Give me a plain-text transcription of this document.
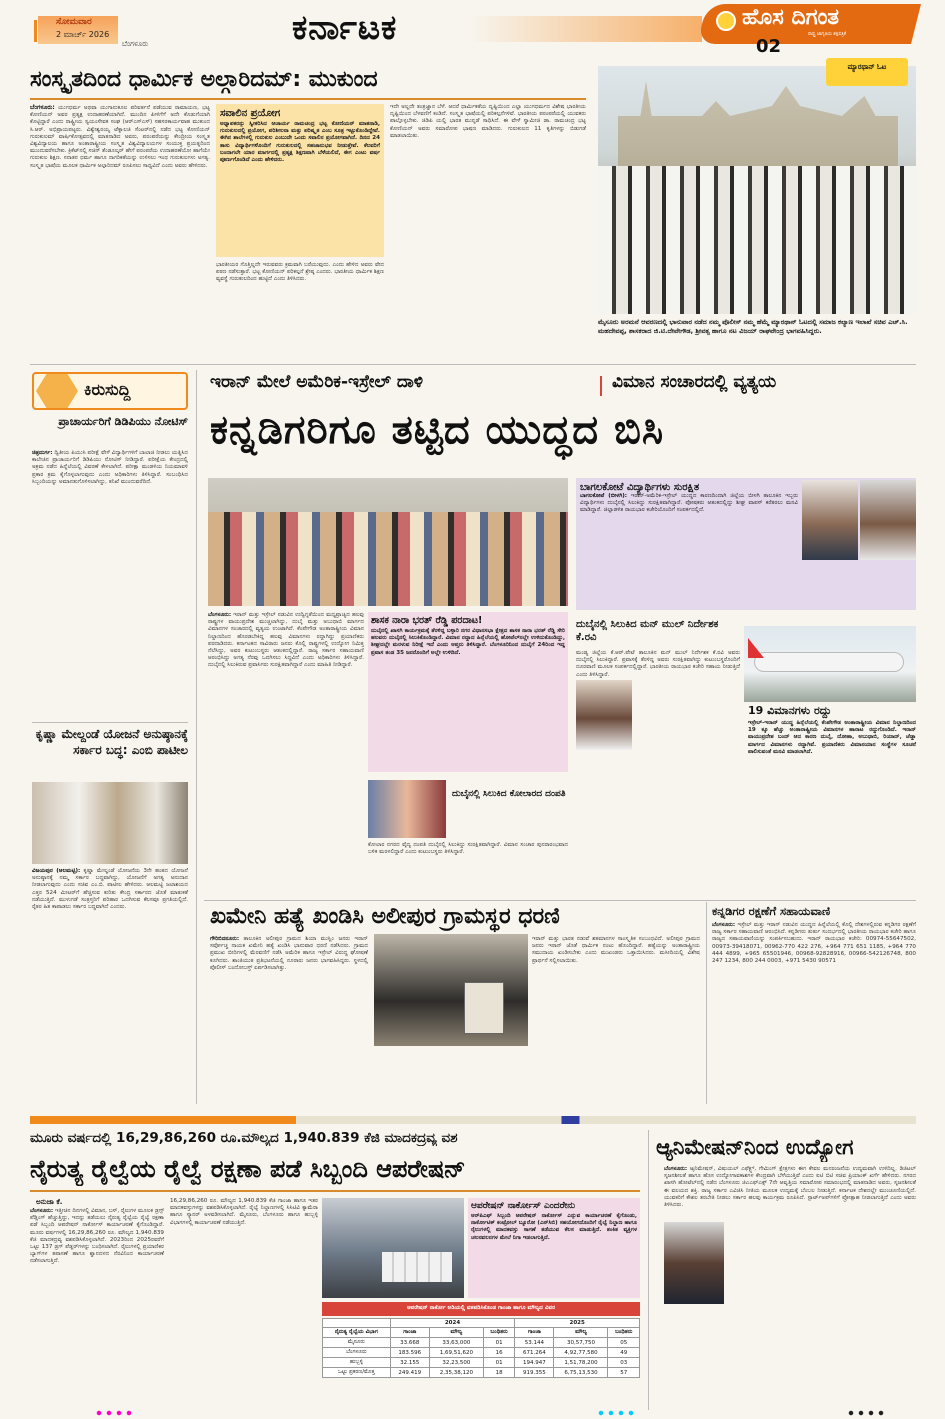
ಸೋಮವಾರ
2 ಮಾರ್ಚ್ 2026
ಬೆಂಗಳೂರು	ಕರ್ನಾಟಕ	ಹೊಸ ದಿಗಂತ
ರಾಷ್ಟ್ರ ಜಾಗೃತಿಯ ಶಕ್ತಿಪತ್ರಿಕೆ
02
ಸಂಸ್ಕೃತದಿಂದ ಧಾರ್ಮಿಕ ಅಲ್ಗಾರಿದಮ್: ಮುಕುಂದ
ಬೆಂಗಳೂರು: ಯುಗಧರ್ಮ ಅಥವಾ ಯುಗಾನುಕೂಲ ಪರಿವರ್ತನೆ ಪಡೆಯುವ ರಾಮಾಯಣ, ಭಟ್ಟ ಕೋಣಿಯನ್ ಅವರ ಪ್ರತ್ಯಕ್ಷ ಉದಾಹರಣೆಯಾಗಿದೆ. ಮುಂದಿನ ಪೀಳಿಗೆಗೆ ಅದೇ ಕೊಡುಗೆಯಾಗಿ ಕೊಟ್ಟಿದ್ದಾರೆ ಎಂದು ರಾಷ್ಟ್ರೀಯ ಸ್ವಯಂಸೇವಕ ಸಂಘ (ಆರ್‌ಎಸ್‌ಎಸ್) ಸಹಸರಕಾರ್ಯವಾಹ ಮುಕುಂದ ಸಿ.ಆರ್. ಅಭಿಪ್ರಾಯಪಟ್ಟರು. ವಿಶ್ವೇಶ್ವರಯ್ಯ ಟೆಕ್ನಾಲಜಿ ಸೆಂಟರ್‌ನಲ್ಲಿ ನಡೆದ ಭಟ್ಟ ಕೋಣಿಯನ್ ಗುರುಕುಲಮ್ ವಾರ್ಷಿಕೋತ್ಸವದಲ್ಲಿ ಮಾತನಾಡಿದ ಅವರು, ಪರಂಪರೆಯನ್ನು ಕೇಂದ್ರೀಯ ಸಂಸ್ಕೃತ ವಿಶ್ವವಿದ್ಯಾಲಯ ಹಾಗೂ ಅಂತಾರಾಷ್ಟ್ರೀಯ ಸಂಸ್ಕೃತ ವಿಶ್ವವಿದ್ಯಾಲಯಗಳ ಸಂಯುಕ್ತ ಪ್ರಯತ್ನದಿಂದ ಮುಂದುವರೆಸಬೇಕು. ಕ್ರಿಕೆಟ್‌ನಲ್ಲಿ ಸಚಿನ್ ತೆಂಡೂಲ್ಕರ್ ಹೇಗೆ ಪರಂಪರೆಯ ಉದಾಹರಣೆಯೋ ಹಾಗೆಯೇ ಗುರುಕುಲ ಶಿಕ್ಷಣ. ಸನಾತನ ಧರ್ಮ ಹಾಗೂ ನಾಗರಿಕತೆಯನ್ನು ಉಳಿಸಲು ಇಂಥ ಗುರುಕುಲಗಳು ಅಗತ್ಯ. ಸಂಸ್ಕೃತ ಭಾಷೆಯ ಮೂಲಕ ಧಾರ್ಮಿಕ ಅಲ್ಗಾರಿದಮ್ ರೂಪಿಸಲು ಸಾಧ್ಯವಿದೆ ಎಂದು ಅವರು ಹೇಳಿದರು.
ಸವಾಲಿನ ಪ್ರಯೋಗ
ಅಧ್ಯಾಪಕರನ್ನು ಸ್ವೀಕರಿಸಿದ ಆಚಾರ್ಯ ರಾಮಚಂದ್ರ ಭಟ್ಟ ಕೋಣಿಯನ್ ಮಾತನಾಡಿ, ಗುರುಕುಲದಲ್ಲಿ ಪ್ರಯೋಗ, ಪರಿಶೀಲನಾ ಮತ್ತು ಪರಿಷ್ಕೃತ ಎಂಬ ಸೂತ್ರ ಇಟ್ಟುಕೊಂಡಿದ್ದೇವೆ. ಈಗಿನ ಶಾಲೆಗಳಲ್ಲಿ ಗುರುಕುಲ ಎಂಬುದೇ ಒಂದು ಸವಾಲಿನ ಪ್ರಯೋಗವಾಗಿದೆ. ದಿನದ 24 ತಾಸು ವಿದ್ಯಾರ್ಥಿಗಳೊಂದಿಗೆ ಗುರುಕುಲದಲ್ಲಿ ಸಹಜಾನುಭವ ನೀಡುತ್ತೇವೆ. ಕೆಲವರಿಗೆ ಬಂದಾಗಲೇ ಯಾರ ಮಾರ್ಗದಲ್ಲಿ ಪ್ರತ್ಯಕ್ಷ ಶಿಕ್ಷಣವಾಗಿ ಬೆಳೆಯಲಿದೆ, ಈಗ ಎಂಟು ವರ್ಷ ಪೂರ್ಣಗೊಂಡಿದೆ ಎಂದು ಹೇಳಿದರು.
ಭಾರತೀಯರ ಗೊತ್ತಿಲ್ಲದೇ ಇರುವವರು ಕ್ರಮವಾಗಿ ಬರೆಯುವುದು. ಎಂದು ಹೇಳಿದ ಅವರು ವೇದ ಪಠಣ ನಡೆಸುತ್ತಾರೆ. ಭಟ್ಟ ಕೋಣಿಯನ್ ಪರಿಕಲ್ಪನೆ ಶ್ರೇಷ್ಠ ಎಂದರು. ಭಾರತೀಯ ಧಾರ್ಮಿಕ ಶಿಕ್ಷಣ ವ್ಯವಸ್ಥೆ ಗುರುಕುಲದಿಂದ ಹುಟ್ಟಿದೆ ಎಂದು ತಿಳಿಸಿದರು.
ಇದೇ ಅಲ್ಲದೇ ತಂತ್ರಜ್ಞಾನ ಬೆಳೆ. ಆದರೆ ಧಾರ್ಮಿಕತೆಯ ದೃಷ್ಟಿಯಿಂದ ಎಲ್ಲಾ ಯುಗಧರ್ಮದ ವಿಶೇಷ ಭಾರತೀಯ ದೃಷ್ಟಿಯಿಂದ ಬೆಳವಣಿಗೆ ಕಂಡಿದೆ. ಸಂಸ್ಕೃತ ಭಾಷೆಯಲ್ಲಿ ಪರಿಕಲ್ಪನೆಗಳಿವೆ. ಭಾರತೀಯ ಪರಂಪರೆಯಲ್ಲಿ ಯುವಕರು ಪಾಲ್ಗೊಳ್ಳಬೇಕು. ಜಿಡಿಪಿ ಯಲ್ಲಿ ಭಾರತ ಮುನ್ನಡೆ ಸಾಧಿಸಿದೆ. ಈ ವೇಳೆ ಸ್ವಾಮೀಜಿ ಡಾ. ರಾಮಚಂದ್ರ ಭಟ್ಟ ಕೋಣಿಯನ್ ಅವರು ಸಮಾರೋಪ ಭಾಷಣ ಮಾಡಿದರು. ಗುರುಕುಲದ 11 ಕೃತಿಗಳನ್ನು ಬಿಡುಗಡೆ ಮಾಡಲಾಯಿತು.
ಮ್ಯಾರಥಾನ್ ಓಟ
ಮೈಸೂರು ಅರಮನೆ ಆವರಣದಲ್ಲಿ ಭಾನುವಾರ ನಡೆದ ನಮ್ಮ ಪೊಲೀಸ್ ನಮ್ಮ ಹೆಮ್ಮೆ ಮ್ಯಾರಥಾನ್ ಓಟದಲ್ಲಿ ಸಮಾಜ ಕಲ್ಯಾಣ ಇಲಾಖೆ ಸಚಿವ ಎಚ್.ಸಿ. ಮಹದೇವಪ್ಪ, ಶಾಸಕರಾದ ಜಿ.ಟಿ.ದೇವೇಗೌಡ, ಶ್ರೀವತ್ಸ ಹಾಗೂ ನಟ ವಿಜಯ್ ರಾಘವೇಂದ್ರ ಭಾಗವಹಿಸಿದ್ದರು.
ಕಿರುಸುದ್ದಿ
ಪ್ರಾಚಾರ್ಯರಿಗೆ ಡಿಡಿಪಿಯು ನೋಟಿಸ್
ಚಿತ್ರದುರ್ಗ: ದ್ವಿತೀಯ ಪಿಯುಸಿ ಪರೀಕ್ಷೆ ವೇಳೆ ವಿದ್ಯಾರ್ಥಿಗಳಿಗೆ ಬಾಲಾಜಿ ನೀಡಲು ಯತ್ನಿಸಿದ ಕಾಲೇಜಿನ ಪ್ರಾಚಾರ್ಯರಿಗೆ ಡಿಡಿಪಿಯು ನೋಟಿಸ್ ನೀಡಿದ್ದಾರೆ. ಪರೀಕ್ಷೆಯ ಕೇಂದ್ರದಲ್ಲಿ ಅಕ್ರಮ ನಡೆದ ಹಿನ್ನೆಲೆಯಲ್ಲಿ ವಿವರಣೆ ಕೇಳಲಾಗಿದೆ. ಪರೀಕ್ಷಾ ಮಂಡಳಿಯ ನಿಯಮಾವಳಿ ಪ್ರಕಾರ ಕ್ರಮ ಕೈಗೊಳ್ಳಲಾಗುವುದು ಎಂದು ಅಧಿಕಾರಿಗಳು ತಿಳಿಸಿದ್ದಾರೆ. ಸಂಬಂಧಿಸಿದ ಸಿಬ್ಬಂದಿಯನ್ನು ಅಮಾನತುಗೊಳಿಸಲಾಗಿದ್ದು, ತನಿಖೆ ಮುಂದುವರೆದಿದೆ.
ಕೃಷ್ಣಾ ಮೇಲ್ದಂಡೆ ಯೋಜನೆ ಅನುಷ್ಠಾನಕ್ಕೆ ಸರ್ಕಾರ ಬದ್ಧ: ಎಂಬಿ ಪಾಟೀಲ
ವಿಜಯಪುರ (ಆಲಮಟ್ಟಿ): ಕೃಷ್ಣಾ ಮೇಲ್ದಂಡೆ ಯೋಜನೆಯ 3ನೇ ಹಂತದ ಯೋಜನೆ ಅನುಷ್ಠಾನಕ್ಕೆ ನಮ್ಮ ಸರ್ಕಾರ ಬದ್ಧವಾಗಿದ್ದು, ಯೋಜನೆಗೆ ಅಗತ್ಯ ಅನುದಾನ ನೀಡಲಾಗುವುದು ಎಂದು ಸಚಿವ ಎಂ.ಬಿ. ಪಾಟೀಲ ಹೇಳಿದರು. ಆಲಮಟ್ಟಿ ಜಲಾಶಯದ ಎತ್ತರ 524 ಮೀಟರ್‌ಗೆ ಹೆಚ್ಚಿಸುವ ಕುರಿತು ಕೇಂದ್ರ ಸರ್ಕಾರದ ಜೊತೆ ಮಾತುಕತೆ ನಡೆಯುತ್ತಿದೆ. ಮುಳುಗಡೆ ಸಂತ್ರಸ್ತರಿಗೆ ಪರಿಹಾರ ಒದಗಿಸುವ ಕೆಲಸವೂ ಪ್ರಗತಿಯಲ್ಲಿದೆ. ರೈತರ ಹಿತ ಕಾಪಾಡಲು ಸರ್ಕಾರ ಬದ್ಧವಾಗಿದೆ ಎಂದರು.
ಇರಾನ್ ಮೇಲೆ ಅಮೆರಿಕ-ಇಸ್ರೇಲ್ ದಾಳಿ	ವಿಮಾನ ಸಂಚಾರದಲ್ಲಿ ವ್ಯತ್ಯಯ
ಕನ್ನಡಿಗರಿಗೂ ತಟ್ಟಿದ ಯುದ್ಧದ ಬಿಸಿ
ಬಾಗಲಕೋಟೆ ವಿದ್ಯಾರ್ಥಿಗಳು ಸುರಕ್ಷಿತ
ಬಾಗಲಕೋಟೆ (ಬೀಳಗಿ): ಇರಾನ್-ಅಮೆರಿಕ-ಇಸ್ರೇಲ್ ಯುದ್ಧದ ಕಾರಣದಿಂದಾಗಿ ಜಿಲ್ಲೆಯ ಬೀಳಗಿ ತಾಲೂಕಿನ ಇಬ್ಬರು ವಿದ್ಯಾರ್ಥಿಗಳು ದುಬೈನಲ್ಲಿ ಸಿಲುಕಿದ್ದು ಸುರಕ್ಷಿತವಾಗಿದ್ದಾರೆ. ಪೋಷಕರು ಆತಂಕದಲ್ಲಿದ್ದು ಶೀಘ್ರ ವಾಪಸ್ ಕರೆತರಲು ಮನವಿ ಮಾಡಿದ್ದಾರೆ. ಜಿಲ್ಲಾಡಳಿತ ರಾಯಭಾರ ಕಚೇರಿಯೊಂದಿಗೆ ಸಂಪರ್ಕದಲ್ಲಿದೆ.
ಬೆಂಗಳೂರು: ಇರಾನ್ ಮತ್ತು ಇಸ್ರೇಲ್ ನಡುವಿನ ಉದ್ವಿಗ್ನತೆಯಿಂದ ಮಧ್ಯಪ್ರಾಚ್ಯದ ಹಲವು ರಾಷ್ಟ್ರಗಳ ವಾಯುಪ್ರದೇಶ ಮುಚ್ಚಲಾಗಿದ್ದು, ದುಬೈ ಮತ್ತು ಅಬುಧಾಬಿ ಮಾರ್ಗದ ವಿಮಾನಗಳ ಸಂಚಾರದಲ್ಲಿ ವ್ಯತ್ಯಯ ಉಂಟಾಗಿದೆ. ಕೆಂಪೇಗೌಡ ಅಂತಾರಾಷ್ಟ್ರೀಯ ವಿಮಾನ ನಿಲ್ದಾಣದಿಂದ ಹೊರಡಬೇಕಿದ್ದ ಹಲವು ವಿಮಾನಗಳು ರದ್ದಾಗಿದ್ದು ಪ್ರಯಾಣಿಕರು ಪರದಾಡಿದರು. ಕರ್ನಾಟಕದ ಸಾವಿರಾರು ಜನರು ಕೊಲ್ಲಿ ರಾಷ್ಟ್ರಗಳಲ್ಲಿ ಉದ್ಯೋಗ ನಿಮಿತ್ತ ನೆಲೆಸಿದ್ದು, ಅವರ ಕುಟುಂಬಸ್ಥರು ಆತಂಕದಲ್ಲಿದ್ದಾರೆ. ರಾಜ್ಯ ಸರ್ಕಾರ ಸಹಾಯವಾಣಿ ಆರಂಭಿಸಿದ್ದು ಅಗತ್ಯ ನೆರವು ಒದಗಿಸಲು ಸಿದ್ಧವಿದೆ ಎಂದು ಅಧಿಕಾರಿಗಳು ತಿಳಿಸಿದ್ದಾರೆ. ದುಬೈನಲ್ಲಿ ಸಿಲುಕಿರುವ ಪ್ರವಾಸಿಗರು ಸುರಕ್ಷಿತವಾಗಿದ್ದಾರೆ ಎಂದು ಮಾಹಿತಿ ನೀಡಿದ್ದಾರೆ.
ಶಾಸಕ ನಾರಾ ಭರತ್ ರೆಡ್ಡಿ ಪರದಾಟ!
ದುಬೈನಲ್ಲಿ ಖಾಸಗಿ ಕಾರ್ಯಕ್ರಮಕ್ಕೆ ತೆರಳಿದ್ದ ಬಳ್ಳಾರಿ ನಗರ ವಿಧಾನಸಭಾ ಕ್ಷೇತ್ರದ ಶಾಸಕ ನಾರಾ ಭರತ್ ರೆಡ್ಡಿ ಸೇರಿ ಹಲವರು ದುಬೈನಲ್ಲಿ ಸಿಲುಕಿಕೊಂಡಿದ್ದಾರೆ. ವಿಮಾನ ರದ್ದಾದ ಹಿನ್ನೆಲೆಯಲ್ಲಿ ಹೋಟೆಲ್‌ನಲ್ಲೇ ಉಳಿದುಕೊಂಡಿದ್ದು, ಶೀಘ್ರದಲ್ಲೇ ಮರಳುವ ನಿರೀಕ್ಷೆ ಇದೆ ಎಂದು ಆಪ್ತರು ತಿಳಿಸಿದ್ದಾರೆ. ಬೆಂಗಳೂರಿನಿಂದ ದುಬೈಗೆ 24ರಿಂದ ಇದ್ದ ಪ್ರವಾಸ ತಂಡ 35 ಜನರೊಂದಿಗೆ ಅಲ್ಲೇ ಉಳಿದಿದೆ.
ದುಬೈನಲ್ಲಿ ಸಿಲುಕಿದ ಕೋಲಾರದ ದಂಪತಿ
ಕೋಲಾರ ನಗರದ ವೈದ್ಯ ದಂಪತಿ ದುಬೈನಲ್ಲಿ ಸಿಲುಕಿದ್ದು ಸುರಕ್ಷಿತವಾಗಿದ್ದಾರೆ. ವಿಮಾನ ಸಂಚಾರ ಪುನರಾರಂಭವಾದ ಬಳಿಕ ಮರಳಲಿದ್ದಾರೆ ಎಂದು ಕುಟುಂಬಸ್ಥರು ತಿಳಿಸಿದ್ದಾರೆ.
ದುಬೈನಲ್ಲಿ ಸಿಲುಕಿದ ಮನ್ ಮುಲ್ ನಿರ್ದೇಶಕ ಕೆ.ರವಿ
ಮಂಡ್ಯ ಜಿಲ್ಲೆಯ ಕೆ.ಆರ್.ಪೇಟೆ ತಾಲೂಕಿನ ಮನ್ ಮುಲ್ ನಿರ್ದೇಶಕ ಕೆ.ರವಿ ಅವರು ದುಬೈನಲ್ಲಿ ಸಿಲುಕಿದ್ದಾರೆ. ಪ್ರವಾಸಕ್ಕೆ ತೆರಳಿದ್ದ ಅವರು ಸುರಕ್ಷಿತವಾಗಿದ್ದು ಕುಟುಂಬಸ್ಥರೊಂದಿಗೆ ದೂರವಾಣಿ ಮೂಲಕ ಸಂಪರ್ಕದಲ್ಲಿದ್ದಾರೆ. ಭಾರತೀಯ ರಾಯಭಾರ ಕಚೇರಿ ಸಹಾಯ ನೀಡುತ್ತಿದೆ ಎಂದು ತಿಳಿಸಿದ್ದಾರೆ.
19 ವಿಮಾನಗಳು ರದ್ದು
ಇಸ್ರೇಲ್-ಇರಾನ್ ಯುದ್ಧ ಹಿನ್ನೆಲೆಯಲ್ಲಿ ಕೆಂಪೇಗೌಡ ಅಂತಾರಾಷ್ಟ್ರೀಯ ವಿಮಾನ ನಿಲ್ದಾಣದಿಂದ 19 ಕ್ಕೂ ಹೆಚ್ಚು ಅಂತಾರಾಷ್ಟ್ರೀಯ ವಿಮಾನಗಳ ಹಾರಾಟ ರದ್ದುಗೊಂಡಿದೆ. ಇರಾನ್ ವಾಯುಪ್ರದೇಶ ಬಂದ್ ಆದ ಕಾರಣ ದುಬೈ, ದೋಹಾ, ಅಬುಧಾಬಿ, ರಿಯಾದ್, ಜೆಡ್ಡಾ ಮಾರ್ಗದ ವಿಮಾನಗಳು ರದ್ದಾಗಿವೆ. ಪ್ರಯಾಣಿಕರು ವಿಮಾನಯಾನ ಸಂಸ್ಥೆಗಳ ಸೂಚನೆ ಪಾಲಿಸುವಂತೆ ಮನವಿ ಮಾಡಲಾಗಿದೆ.
ಖಮೇನಿ ಹತ್ಯೆ ಖಂಡಿಸಿ ಅಲೀಪುರ ಗ್ರಾಮಸ್ಥರ ಧರಣಿ
ಗೌರಿಬಿದನೂರು: ತಾಲೂಕಿನ ಅಲೀಪುರ ಗ್ರಾಮದ ಶಿಯಾ ಮುಸ್ಲಿಂ ಜನರು ಇರಾನ್ ಸರ್ವೋಚ್ಚ ನಾಯಕ ಖಮೇನಿ ಹತ್ಯೆ ಖಂಡಿಸಿ ಭಾನುವಾರ ಧರಣಿ ನಡೆಸಿದರು. ಗ್ರಾಮದ ಪ್ರಮುಖ ಬೀದಿಗಳಲ್ಲಿ ಮೆರವಣಿಗೆ ನಡೆಸಿ ಅಮೆರಿಕ ಹಾಗೂ ಇಸ್ರೇಲ್ ವಿರುದ್ಧ ಘೋಷಣೆ ಕೂಗಿದರು. ಶಾಂತಿಯುತ ಪ್ರತಿಭಟನೆಯಲ್ಲಿ ನೂರಾರು ಜನರು ಭಾಗವಹಿಸಿದ್ದರು. ಸ್ಥಳದಲ್ಲಿ ಪೊಲೀಸ್ ಬಂದೋಬಸ್ತ್ ಏರ್ಪಡಿಸಲಾಗಿತ್ತು.
ಇರಾನ್ ಮತ್ತು ಭಾರತ ನಡುವೆ ಶತಮಾನಗಳ ಸಾಂಸ್ಕೃತಿಕ ಸಂಬಂಧವಿದೆ. ಅಲೀಪುರ ಗ್ರಾಮದ ಜನರು ಇರಾನ್ ಜೊತೆ ಧಾರ್ಮಿಕ ನಂಟು ಹೊಂದಿದ್ದಾರೆ. ಹತ್ಯೆಯನ್ನು ಅಂತಾರಾಷ್ಟ್ರೀಯ ಸಮುದಾಯ ಖಂಡಿಸಬೇಕು ಎಂದು ಮುಖಂಡರು ಒತ್ತಾಯಿಸಿದರು. ಮಸೀದಿಯಲ್ಲಿ ವಿಶೇಷ ಪ್ರಾರ್ಥನೆ ಸಲ್ಲಿಸಲಾಯಿತು.
ಕನ್ನಡಿಗರ ರಕ್ಷಣೆಗೆ ಸಹಾಯವಾಣಿ
ಬೆಂಗಳೂರು: ಇಸ್ರೇಲ್ ಮತ್ತು ಇರಾನ್ ನಡುವಿನ ಯುದ್ಧದ ಹಿನ್ನೆಲೆಯಲ್ಲಿ ಕೊಲ್ಲಿ ದೇಶಗಳಲ್ಲಿರುವ ಕನ್ನಡಿಗರ ರಕ್ಷಣೆಗೆ ರಾಜ್ಯ ಸರ್ಕಾರ ಸಹಾಯವಾಣಿ ಆರಂಭಿಸಿದೆ. ಕನ್ನಡಿಗರು ತುರ್ತು ಸಂದರ್ಭದಲ್ಲಿ ಭಾರತೀಯ ರಾಯಭಾರ ಕಚೇರಿ ಹಾಗೂ ರಾಜ್ಯದ ಸಹಾಯವಾಣಿಯನ್ನು ಸಂಪರ್ಕಿಸಬಹುದು. ಇರಾನ್ ರಾಯಭಾರ ಕಚೇರಿ: 00974-55647502, 00973-39418071, 00962-770 422 276, +964 771 651 1185, +964 770 444 4899, +965 65501946, 00968-92828916, 00966-542126748, 800 247 1234, 800 244 0003, +971 5430 90571
ಮೂರು ವರ್ಷದಲ್ಲಿ 16,29,86,260 ರೂ.ಮೌಲ್ಯದ 1,940.839 ಕೆಜಿ ಮಾದಕದ್ರವ್ಯ ವಶ
ನೈರುತ್ಯ ರೈಲ್ವೆಯ ರೈಲ್ವೆ ರಕ್ಷಣಾ ಪಡೆ ಸಿಬ್ಬಂದಿ ಆಪರೇಷನ್
ಅನುಜಾ ಕೆ.
ಬೆಂಗಳೂರು: ಇತ್ತೀಚಿನ ದಿನಗಳಲ್ಲಿ ವಿಮಾನ, ಬಸ್, ರೈಲುಗಳ ಮೂಲಕ ಡ್ರಗ್ಸ್ ಪೆಡ್ಲಿಂಗ್ ಹೆಚ್ಚುತ್ತಿದ್ದು, ಇದನ್ನು ತಡೆಯಲು ನೈರುತ್ಯ ರೈಲ್ವೆಯ ರೈಲ್ವೆ ರಕ್ಷಣಾ ಪಡೆ ಸಿಬ್ಬಂದಿ ಆಪರೇಷನ್ ನಾರ್ಕೋಸ್ ಕಾರ್ಯಾಚರಣೆ ಕೈಗೊಂಡಿದ್ದಾರೆ. ಮೂರು ವರ್ಷಗಳಲ್ಲಿ 16,29,86,260 ರೂ. ಮೌಲ್ಯದ 1,940.839 ಕೆಜಿ ಮಾದಕದ್ರವ್ಯ ವಶಪಡಿಸಿಕೊಳ್ಳಲಾಗಿದೆ. 2023ರಿಂದ 2025ರವರೆಗೆ ಒಟ್ಟು 137 ಡ್ರಗ್ ಪೆಡ್ಲರ್‌ಗಳನ್ನು ಬಂಧಿಸಲಾಗಿದೆ. ರೈಲುಗಳಲ್ಲಿ ಪ್ರಯಾಣಿಕರ ಬ್ಯಾಗ್‌ಗಳ ತಪಾಸಣೆ ಹಾಗೂ ಶ್ವಾನದಳದ ನೆರವಿನಿಂದ ಕಾರ್ಯಾಚರಣೆ ನಡೆಸಲಾಗುತ್ತಿದೆ.
16,29,86,260 ರೂ. ಮೌಲ್ಯದ 1,940.839 ಕೆಜಿ ಗಾಂಜಾ ಹಾಗೂ ಇತರ ಮಾದಕವಸ್ತುಗಳನ್ನು ವಶಪಡಿಸಿಕೊಳ್ಳಲಾಗಿದೆ. ರೈಲ್ವೆ ನಿಲ್ದಾಣಗಳಲ್ಲಿ ಸಿಸಿಟಿವಿ ಕ್ಯಾಮೆರಾ ಹಾಗೂ ಸ್ಕ್ಯಾನರ್ ಅಳವಡಿಸಲಾಗಿದೆ. ಮೈಸೂರು, ಬೆಂಗಳೂರು ಹಾಗೂ ಹುಬ್ಬಳ್ಳಿ ವಿಭಾಗಗಳಲ್ಲಿ ಕಾರ್ಯಾಚರಣೆ ನಡೆಯುತ್ತಿದೆ.
ಆಪರೇಷನ್ ನಾರ್ಕೋಸ್ ಎಂದರೇನು
ಆರ್‌ಪಿಎಫ್ ಸಿಬ್ಬಂದಿ ಆಪರೇಷನ್ ನಾರ್ಕೋಸ್ ಎನ್ನುವ ಕಾರ್ಯಾಚರಣೆ ಕೈಗೊಂಡು, ನಾರ್ಕೋಟಿಕ್ ಕಂಟ್ರೋಲ್ ಬ್ಯೂರೋ (ಎನ್‌ಸಿಬಿ) ಸಹಯೋಗದೊಂದಿಗೆ ರೈಲ್ವೆ ನಿಲ್ದಾಣ ಹಾಗೂ ರೈಲುಗಳಲ್ಲಿ ಮಾದಕವಸ್ತು ಸಾಗಣೆ ತಡೆಯುವ ಕೆಲಸ ಮಾಡುತ್ತಿದೆ. ಶಂಕಿತ ವ್ಯಕ್ತಿಗಳ ಚಲನವಲನಗಳ ಮೇಲೆ ನಿಗಾ ಇಡಲಾಗುತ್ತಿದೆ.
ಆಪರೇಷನ್ ನಾರ್ಕೋ ಅಡಿಯಲ್ಲಿ ವಶಪಡಿಸಿಕೊಂಡ ಗಾಂಜಾ ಹಾಗೂ ಮೌಲ್ಯದ ವಿವರ
	2024			2025		
ನೈರುತ್ಯ ರೈಲ್ವೆಯ ವಿಭಾಗ	ಗಾಂಜಾ	ಮೌಲ್ಯ	ಬಂಧಿತರು	ಗಾಂಜಾ	ಮೌಲ್ಯ	ಬಂಧಿತರು
ಮೈಸೂರು	33.668	33,63,000	01	53.144	30,57,750	05
ಬೆಂಗಳೂರು	183.596	1,69,51,620	16	671.264	4,92,77,580	49
ಹುಬ್ಬಳ್ಳಿ	32.155	32,23,500	01	194.947	1,51,78,200	03
ಒಟ್ಟು ಪ್ರಕರಣ/ಮೊತ್ತ	249.419	2,35,38,120	18	919.355	6,75,13,530	57
ಆ್ಯನಿಮೇಷನ್‌ನಿಂದ ಉದ್ಯೋಗ
ಬೆಂಗಳೂರು: ಆ್ಯನಿಮೇಷನ್, ವಿಷುಯಲ್ ಎಫೆಕ್ಟ್ಸ್, ಗೇಮಿಂಗ್ ಕ್ಷೇತ್ರಗಳು ಈಗ ಕೇವಲ ಮನರಂಜನೆಯ ಉದ್ಯಮವಾಗಿ ಉಳಿದಿಲ್ಲ. ಡಿಜಿಟಲ್ ಸೃಜನಶೀಲತೆ ಹಾಗೂ ಹೊಸ ಉದ್ಯೋಗಾವಕಾಶಗಳ ಕೇಂದ್ರವಾಗಿ ಬೆಳೆಯುತ್ತಿವೆ ಎಂದು ಐಟಿ ಬಿಟಿ ಸಚಿವ ಪ್ರಿಯಾಂಕ್ ಖರ್ಗೆ ಹೇಳಿದರು. ನಗರದ ಖಾಸಗಿ ಹೋಟೆಲ್‌ನಲ್ಲಿ ನಡೆದ ಬೆಂಗಳೂರು ಜಿಎಎಫ್‌ಎಕ್ಸ್ 7ನೇ ಆವೃತ್ತಿಯ ಸಮಾರೋಪ ಸಮಾರಂಭದಲ್ಲಿ ಮಾತನಾಡಿದ ಅವರು, ಸೃಜನಶೀಲತೆ ಈ ವಲಯದ ಶಕ್ತಿ. ರಾಜ್ಯ ಸರ್ಕಾರ ಎವಿಜಿಸಿ ನೀತಿಯ ಮೂಲಕ ಉದ್ಯಮಕ್ಕೆ ಬೆಂಬಲ ನೀಡುತ್ತಿದೆ. ಕರ್ನಾಟಕ ದೇಶದಲ್ಲೇ ಮುಂಚೂಣಿಯಲ್ಲಿದೆ. ಯುವಕರಿಗೆ ಕೌಶಲ ತರಬೇತಿ ನೀಡಲು ಸರ್ಕಾರ ಹಲವು ಕಾರ್ಯಕ್ರಮ ರೂಪಿಸಿದೆ. ಸ್ಟಾರ್ಟ್‌ಅಪ್‌ಗಳಿಗೆ ಪ್ರೋತ್ಸಾಹ ನೀಡಲಾಗುತ್ತಿದೆ ಎಂದು ಅವರು ತಿಳಿಸಿದರು.
